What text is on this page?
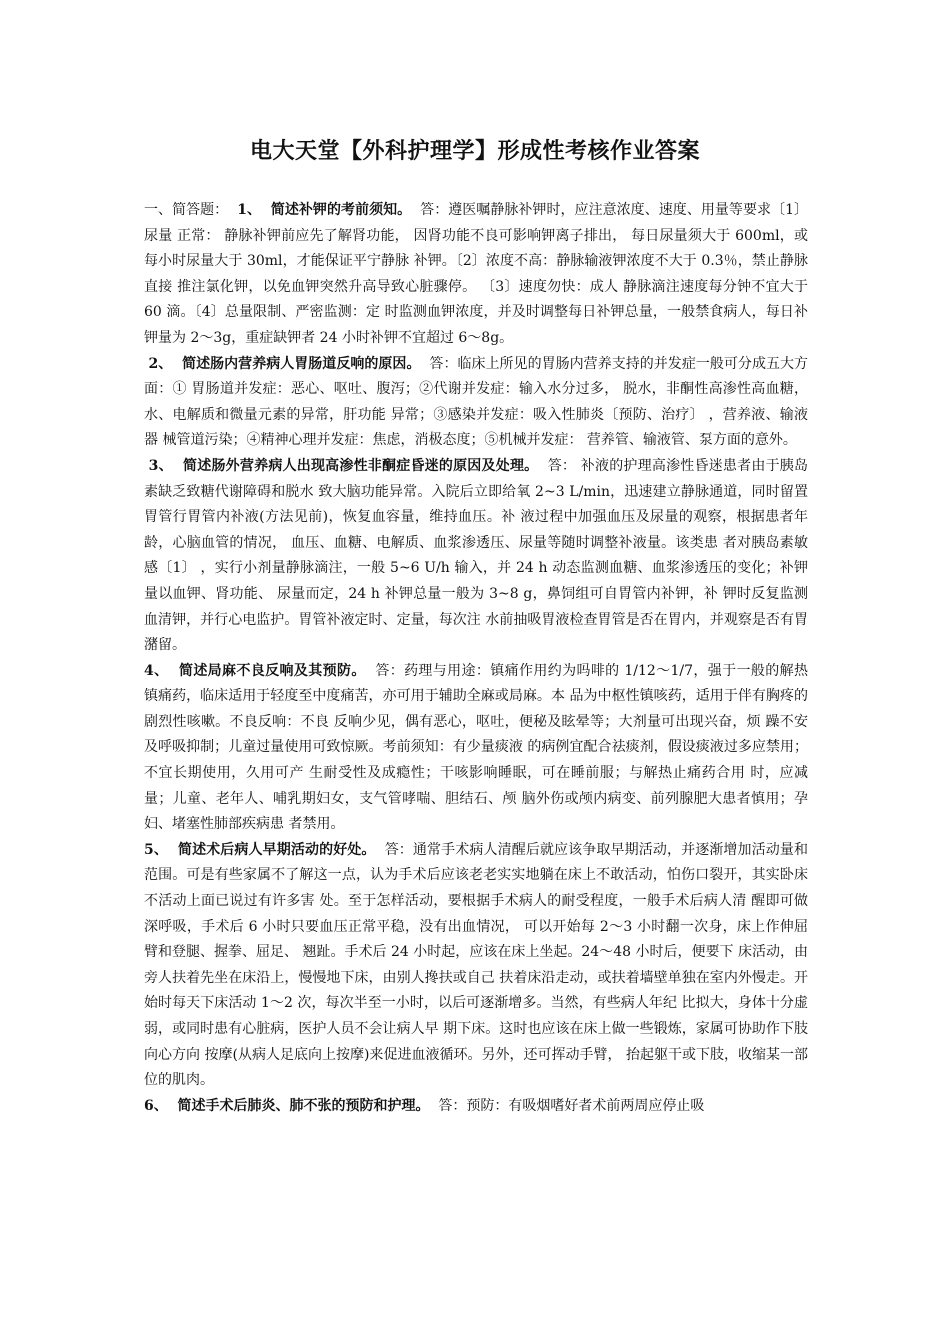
电大天堂【外科护理学】形成性考核作业答案

一、简答题：  1、  简述补钾的考前须知。  答：遵医嘱静脉补钾时，应注意浓度、速度、用量等要求〔1〕尿量 正常： 静脉补钾前应先了解肾功能， 因肾功能不良可影响钾离子排出， 每日尿量须大于 600ml，或每小时尿量大于 30ml，才能保证平宁静脉 补钾。〔2〕浓度不高：静脉输液钾浓度不大于 0.3％，禁止静脉直接 推注氯化钾，以免血钾突然升高导致心脏骤停。 〔3〕速度勿快：成人 静脉滴注速度每分钟不宜大于 60 滴。〔4〕总量限制、严密监测：定 时监测血钾浓度，并及时调整每日补钾总量，一般禁食病人，每日补 钾量为 2～3g，重症缺钾者 24 小时补钾不宜超过 6～8g。

2、  简述肠内营养病人胃肠道反响的原因。  答：临床上所见的胃肠内营养支持的并发症一般可分成五大方面：① 胃肠道并发症：恶心、呕吐、腹泻；②代谢并发症：输入水分过多， 脱水，非酮性高渗性高血糖，水、电解质和微量元素的异常，肝功能 异常；③感染并发症：吸入性肺炎〔预防、治疗〕 ，营养液、输液器 械管道污染；④精神心理并发症：焦虑，消极态度；⑤机械并发症： 营养管、输液管、泵方面的意外。

3、  简述肠外营养病人出现高渗性非酮症昏迷的原因及处理。  答： 补液的护理高渗性昏迷患者由于胰岛素缺乏致糖代谢障碍和脱水 致大脑功能异常。入院后立即给氧 2~3 L/min，迅速建立静脉通道，同时留置胃管行胃管内补液(方法见前)，恢复血容量，维持血压。补 液过程中加强血压及尿量的观察，根据患者年龄，心脑血管的情况， 血压、血糖、电解质、血浆渗透压、尿量等随时调整补液量。该类患 者对胰岛素敏感〔1〕 ，实行小剂量静脉滴注，一般 5~6 U/h 输入，并 24 h 动态监测血糖、血浆渗透压的变化；补钾量以血钾、肾功能、 尿量而定，24 h 补钾总量一般为 3~8 g，鼻饲组可自胃管内补钾，补 钾时反复监测血清钾，并行心电监护。胃管补液定时、定量，每次注 水前抽吸胃液检查胃管是否在胃内，并观察是否有胃潴留。

4、  简述局麻不良反响及其预防。  答：药理与用途：镇痛作用约为吗啡的 1/12～1/7，强于一般的解热 镇痛药，临床适用于轻度至中度痛苦，亦可用于辅助全麻或局麻。本 品为中枢性镇咳药，适用于伴有胸疼的剧烈性咳嗽。不良反响：不良 反响少见，偶有恶心，呕吐，便秘及眩晕等；大剂量可出现兴奋，烦 躁不安及呼吸抑制；儿童过量使用可致惊厥。考前须知：有少量痰液 的病例宜配合祛痰剂，假设痰液过多应禁用；不宜长期使用，久用可产 生耐受性及成瘾性；干咳影响睡眠，可在睡前服；与解热止痛药合用 时，应减量；儿童、老年人、哺乳期妇女，支气管哮喘、胆结石、颅 脑外伤或颅内病变、前列腺肥大患者慎用；孕妇、堵塞性肺部疾病患 者禁用。

5、  简述术后病人早期活动的好处。  答：通常手术病人清醒后就应该争取早期活动，并逐渐增加活动量和范围。可是有些家属不了解这一点，认为手术后应该老老实实地躺在床上不敢活动，怕伤口裂开，其实卧床不活动上面已说过有许多害 处。至于怎样活动，要根据手术病人的耐受程度，一般手术后病人清 醒即可做深呼吸，手术后 6 小时只要血压正常平稳，没有出血情况， 可以开始每 2～3 小时翻一次身，床上作伸屈臂和登腿、握拳、屈足、 翘趾。手术后 24 小时起，应该在床上坐起。24～48 小时后，便要下 床活动，由旁人扶着先坐在床沿上，慢慢地下床，由别人搀扶或自己 扶着床沿走动，或扶着墙壁单独在室内外慢走。开始时每天下床活动 1～2 次，每次半至一小时，以后可逐渐增多。当然，有些病人年纪 比拟大，身体十分虚弱，或同时患有心脏病，医护人员不会让病人早 期下床。这时也应该在床上做一些锻炼，家属可协助作下肢向心方向 按摩(从病人足底向上按摩)来促进血液循环。另外，还可挥动手臂， 抬起躯干或下肢，收缩某一部位的肌肉。

6、  简述手术后肺炎、肺不张的预防和护理。  答：预防：有吸烟嗜好者术前两周应停止吸
